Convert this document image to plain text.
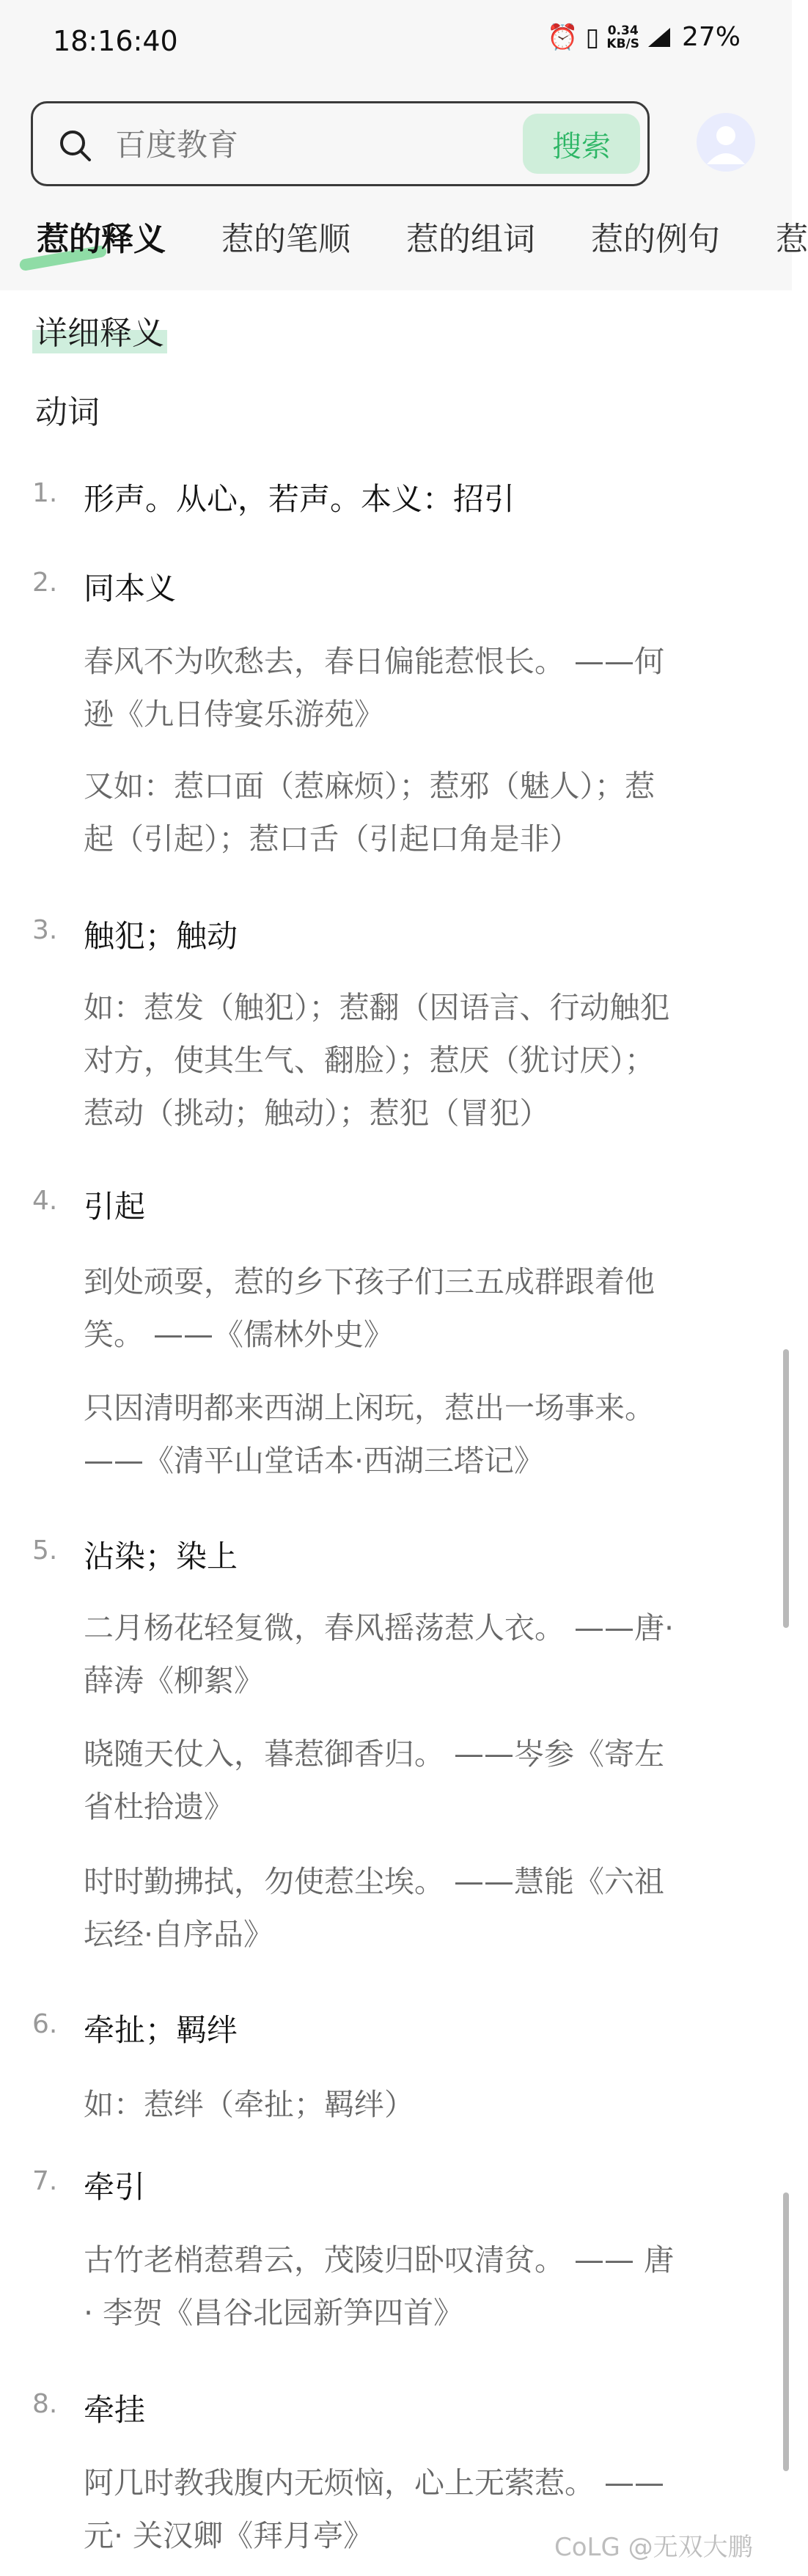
18:16:40	⏰ ▯ 0.34
KB/S 27%
百度教育
搜索
惹的释义 惹的笔顺 惹的组词 惹的例句 惹
详细释义
动词
1. 形声。从心，若声。本义：招引
2. 同本义
春风不为吹愁去，春日偏能惹恨长。 ——何
逊《九日侍宴乐游苑》
又如：惹口面（惹麻烦）；惹邪（魅人）；惹
起（引起）；惹口舌（引起口角是非）
3. 触犯；触动
如：惹发（触犯）；惹翻（因语言、行动触犯
对方，使其生气、翻脸）；惹厌（犹讨厌）；
惹动（挑动；触动）；惹犯（冒犯）
4. 引起
到处顽耍，惹的乡下孩子们三五成群跟着他
笑。 ——《儒林外史》
只因清明都来西湖上闲玩，惹出一场事来。
——《清平山堂话本·西湖三塔记》
5. 沾染；染上
二月杨花轻复微，春风摇荡惹人衣。 ——唐·
薛涛《柳絮》
晓随天仗入，暮惹御香归。 ——岑参《寄左
省杜拾遗》
时时勤拂拭，勿使惹尘埃。 ——慧能《六祖
坛经·自序品》
6. 牵扯；羁绊
如：惹绊（牵扯；羁绊）
7. 牵引
古竹老梢惹碧云，茂陵归卧叹清贫。 —— 唐
· 李贺《昌谷北园新笋四首》
8. 牵挂
阿几时教我腹内无烦恼，心上无萦惹。 ——
元· 关汉卿《拜月亭》	CoLG @无双大鹏
